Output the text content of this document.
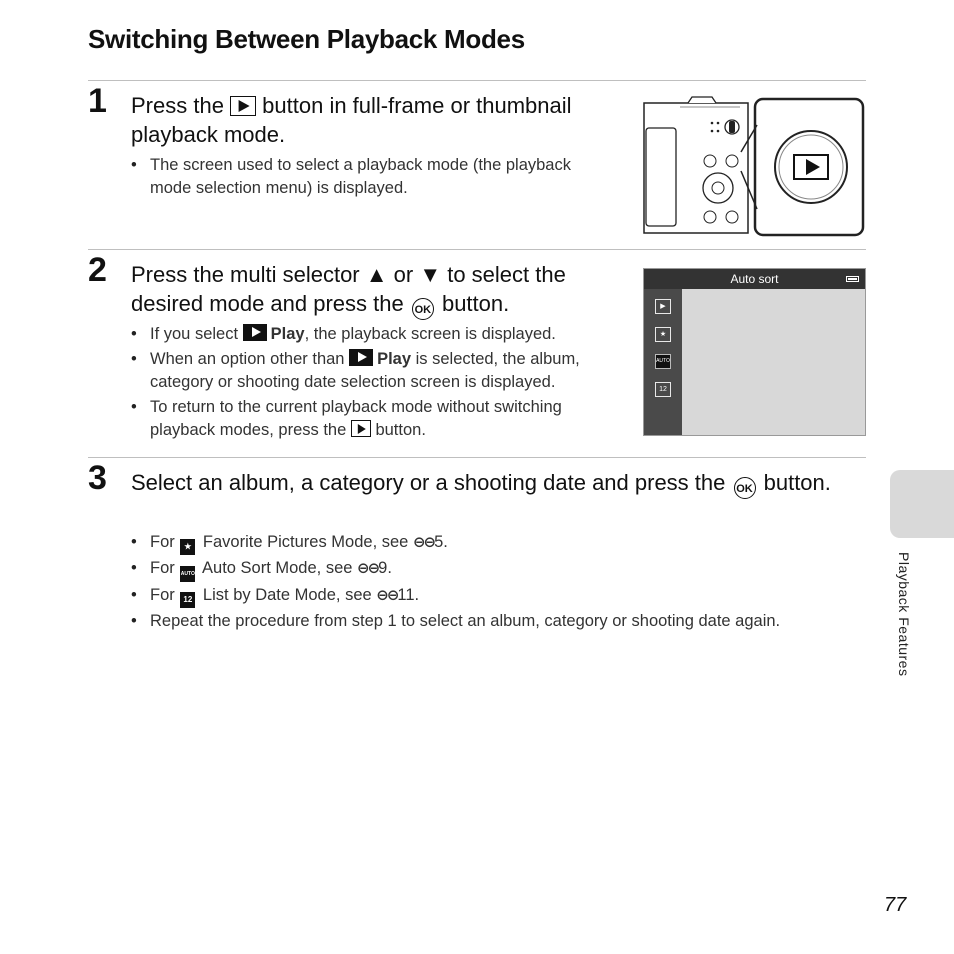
Switching Between Playback Modes
1 Press the
button in full-frame or thumbnail playback mode.
• The screen used to select a playback mode (the playback mode selection menu) is displayed.
2 Press the multi selector ▲ or ▼ to select the desired mode and press the OK button.
• If you select Play, the playback screen is displayed.
• When an option other than Play is selected, the album, category or shooting date selection screen is displayed.
• To return to the current playback mode without switching playback modes, press the
button.
Auto sort
▶
★
AUTO
12
3 Select an album, a category or a shooting date and press the OK button.
• For ★ Favorite Pictures Mode, see ⊖⊖5.
• For AUTO Auto Sort Mode, see ⊖⊖9.
• For 12 List by Date Mode, see ⊖⊖11.
• Repeat the procedure from step 1 to select an album, category or shooting date again.	Playback Features
77
